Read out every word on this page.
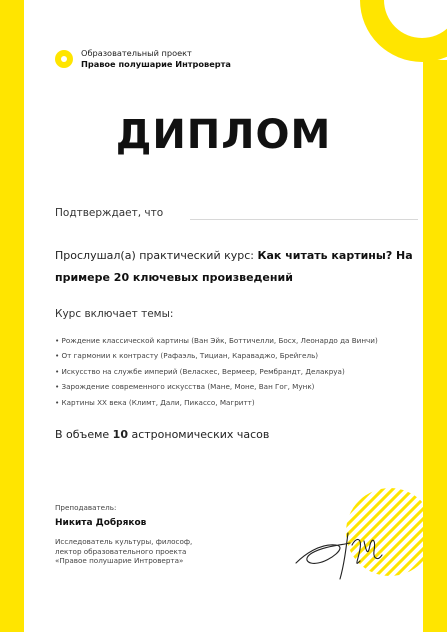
Образовательный проект
Правое полушарие Интроверта
ДИПЛОМ
Подтверждает, что
Прослушал(а) практический курс: Как читать картины? На примере 20 ключевых произведений
Курс включает темы:
• Рождение классической картины (Ван Эйк, Боттичелли, Босх, Леонардо да Винчи)
• От гармонии к контрасту (Рафаэль, Тициан, Караваджо, Брейгель)
• Искусство на службе империй (Веласкес, Вермеер, Рембрандт, Делакруа)
• Зарождение современного искусства (Мане, Моне, Ван Гог, Мунк)
• Картины XX века (Климт, Дали, Пикассо, Магритт)
В объеме 10 астрономических часов
Преподаватель:
Никита Добряков
Исследователь культуры, философ,
лектор образовательного проекта
«Правое полушарие Интроверта»
